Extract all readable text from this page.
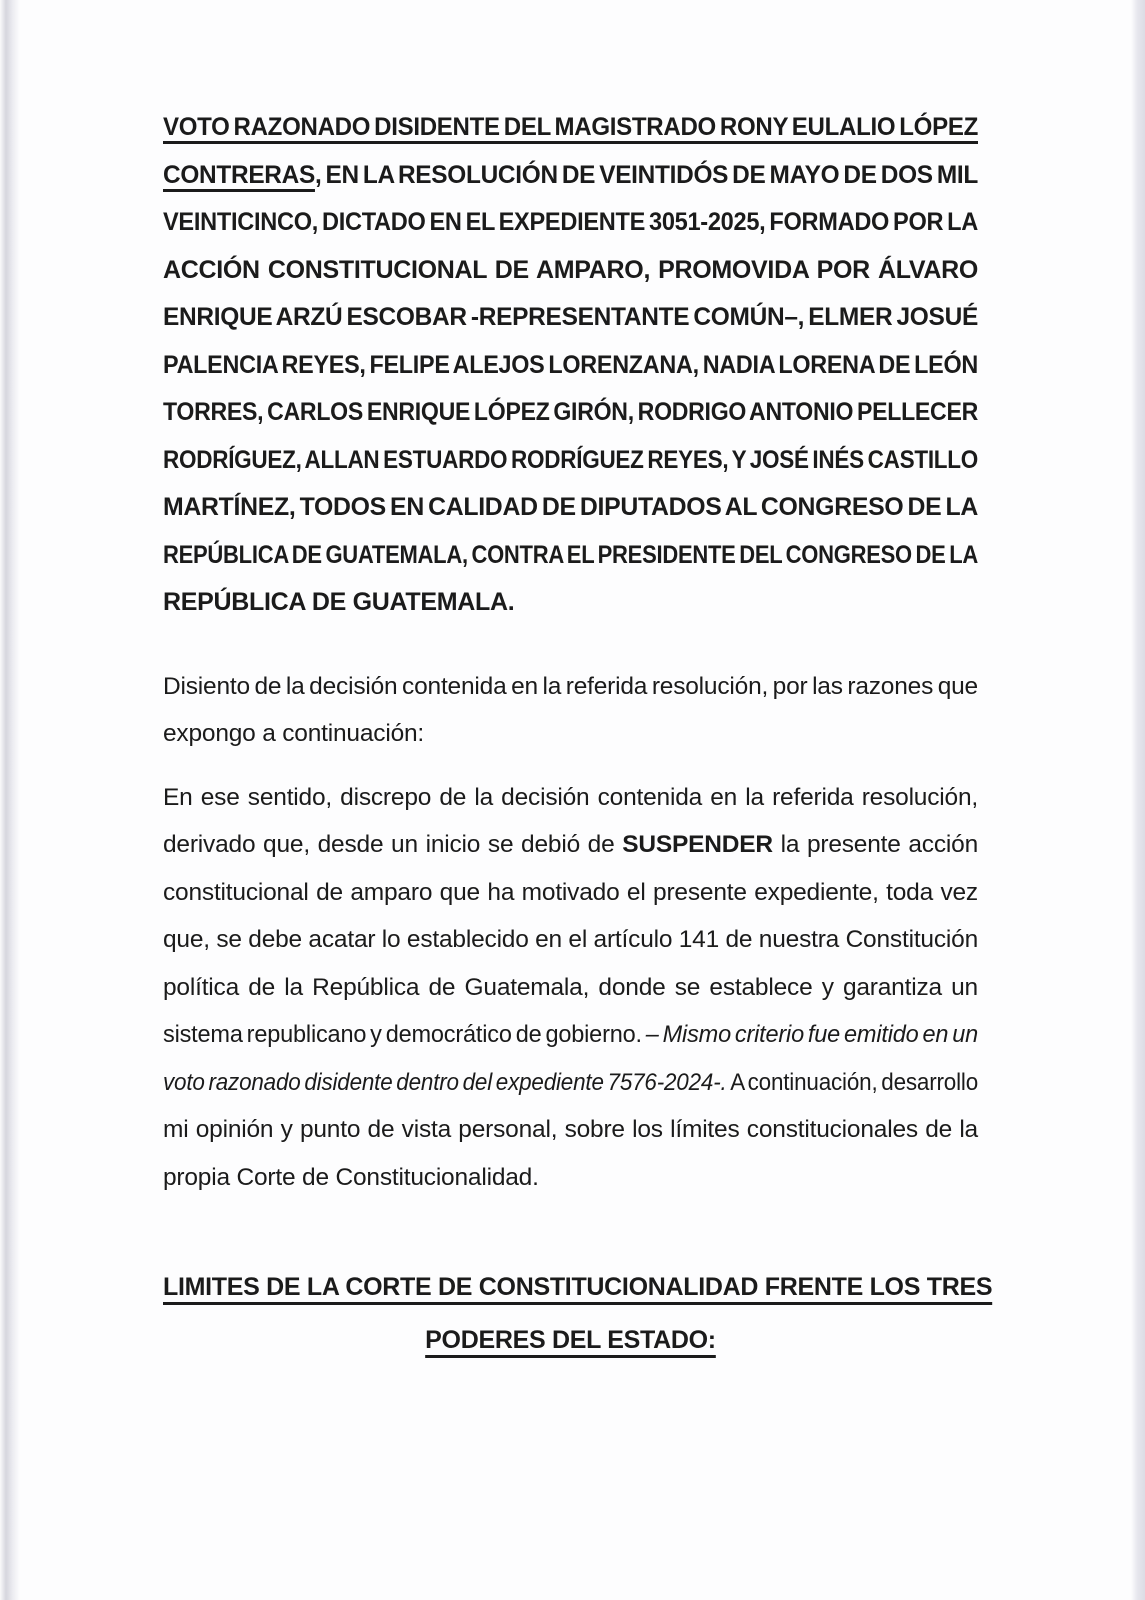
VOTO RAZONADO DISIDENTE DEL MAGISTRADO RONY EULALIO LÓPEZ
CONTRERAS, EN LA RESOLUCIÓN DE VEINTIDÓS DE MAYO DE DOS MIL
VEINTICINCO, DICTADO EN EL EXPEDIENTE 3051-2025, FORMADO POR LA
ACCIÓN CONSTITUCIONAL DE AMPARO, PROMOVIDA POR ÁLVARO
ENRIQUE ARZÚ ESCOBAR -REPRESENTANTE COMÚN–, ELMER JOSUÉ
PALENCIA REYES, FELIPE ALEJOS LORENZANA, NADIA LORENA DE LEÓN
TORRES, CARLOS ENRIQUE LÓPEZ GIRÓN, RODRIGO ANTONIO PELLECER
RODRÍGUEZ, ALLAN ESTUARDO RODRÍGUEZ REYES, Y JOSÉ INÉS CASTILLO
MARTÍNEZ, TODOS EN CALIDAD DE DIPUTADOS AL CONGRESO DE LA
REPÚBLICA DE GUATEMALA, CONTRA EL PRESIDENTE DEL CONGRESO DE LA
REPÚBLICA DE GUATEMALA.
Disiento de la decisión contenida en la referida resolución, por las razones que
expongo a continuación:
En ese sentido, discrepo de la decisión contenida en la referida resolución,
derivado que, desde un inicio se debió de SUSPENDER la presente acción
constitucional de amparo que ha motivado el presente expediente, toda vez
que, se debe acatar lo establecido en el artículo 141 de nuestra Constitución
política de la República de Guatemala, donde se establece y garantiza un
sistema republicano y democrático de gobierno. – Mismo criterio fue emitido en un
voto razonado disidente dentro del expediente 7576-2024-. A continuación, desarrollo
mi opinión y punto de vista personal, sobre los límites constitucionales de la
propia Corte de Constitucionalidad.
LIMITES DE LA CORTE DE CONSTITUCIONALIDAD FRENTE LOS TRES
PODERES DEL ESTADO:
